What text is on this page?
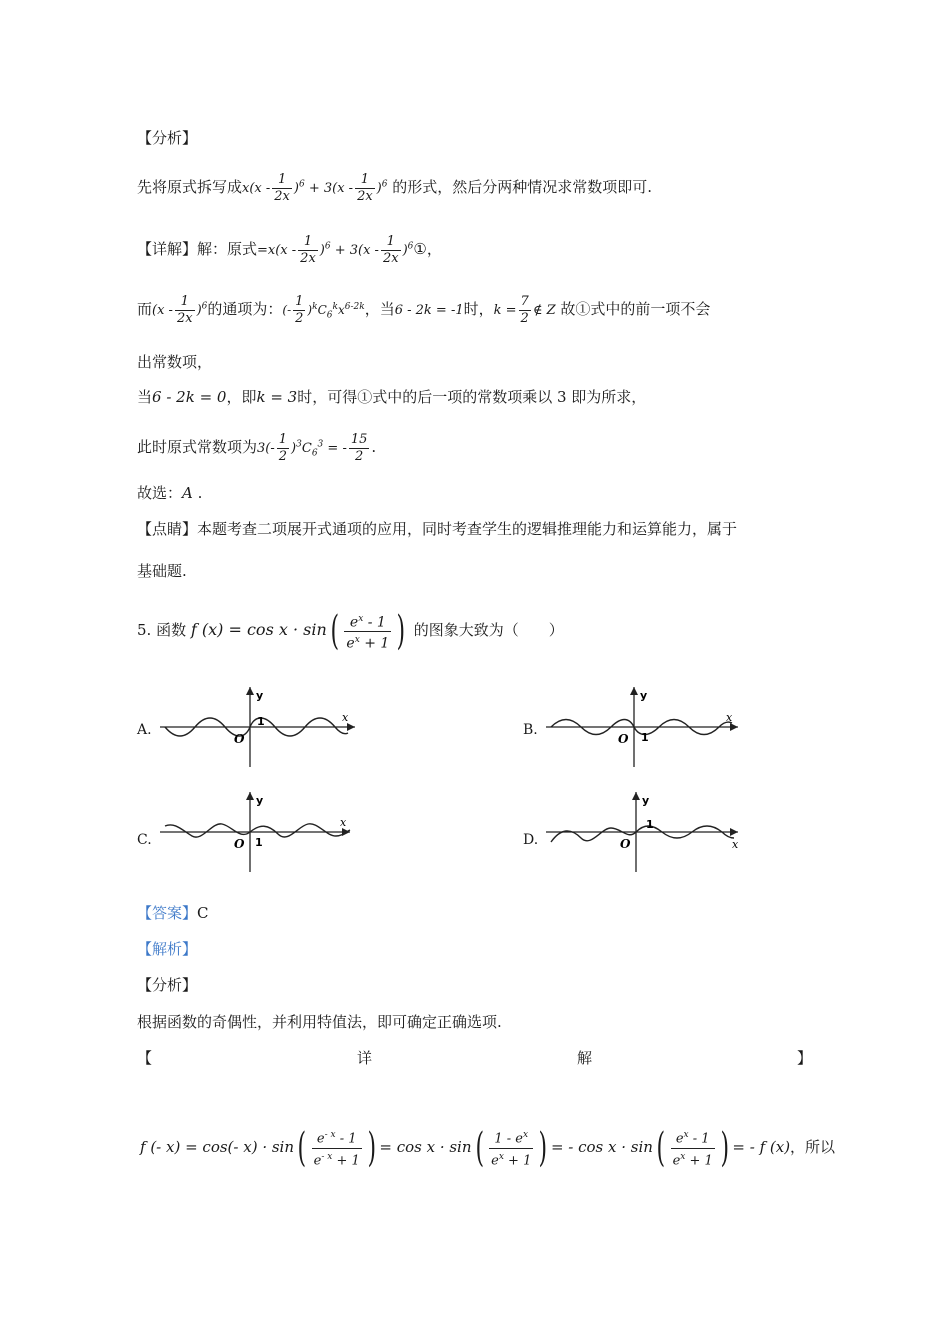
【分析】
先将原式拆写成$x(x - \frac{1}{2x} )^6 + 3(x - \frac{1}{2x} )^6$ 的形式，然后分两种情况求常数项即可.
【详解】解：原式$=x(x - \frac{1}{2x} )^6 + 3(x - \frac{1}{2x}$ )$^6$①，
而$(x - \frac{1}{2x} )^6$的通项为：(- $\frac{1}{2} )^kC_6^kx^{6-2k}$，当6 - 2k = -1时，$k = \frac{7}{2}$ ∉ Z 故①式中的前一项不会
出常数项，
当6 - 2k = 0，即k = 3时，可得①式中的后一项的常数项乘以 3 即为所求，
此时原式常数项为$3(- \frac{1}{2} )^3C_6^3$ = - $\frac{15}{2}$ .
故选：A .
【点睛】本题考查二项展开式通项的应用，同时考查学生的逻辑推理能力和运算能力，属于
基础题.
5. 函数 f $(x) = \cos x \cdot \sin( \frac{e^x - 1}{e^x + 1}$ ) 的图象大致为（　　）
A.
y
x
O
1
B.
y
x
O 1
C.
y
x
O 1	D.
y
x
O
1
【答案】C
【解析】
【分析】
根据函数的奇偶性，并利用特值法，即可确定正确选项.
【	详	解	】
f (- x) = cos(- $x) \cdot \sin( \frac{e^{- x} - 1}{e^{- x} + 1}$ ) = $\cos x \cdot \sin( \frac{1 - e^x}{e^x + 1}$ ) = - $\cos x \cdot \sin( \frac{e^x - 1}{e^x + 1}$ ) = - f (x)，所以
